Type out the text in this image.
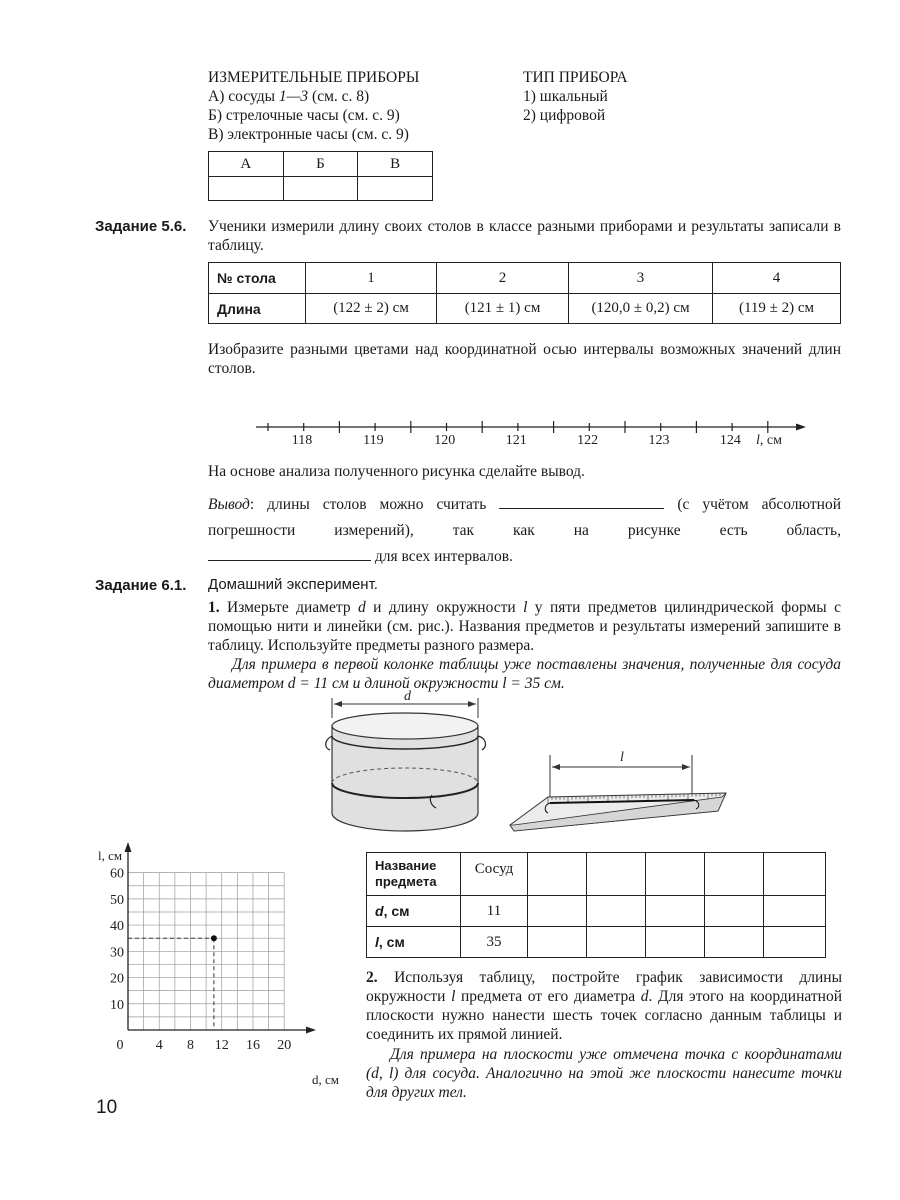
ИЗМЕРИТЕЛЬНЫЕ ПРИБОРЫ
А) сосуды 1—3 (см. с. 8)
Б) стрелочные часы (см. с. 9)
В) электронные часы (см. с. 9)
ТИП ПРИБОРА
1) шкальный
2) цифровой
А	Б	В

Задание 5.6. Ученики измерили длину своих столов в классе разными приборами и результаты записали в таблицу.
№ стола	1	2	3	4
Длина	(122 ± 2) см	(121 ± 1) см	(120,0 ± 0,2) см	(119 ± 2) см
Изобразите разными цветами над координатной осью интервалы возможных значений длин столов.
118	119	120	121	122	123	124 l, см
На основе анализа полученного рисунка сделайте вывод.
Вывод: длины столов можно считать	(с учётом абсолютной погрешности измерений), так как на рисунке есть область,
для всех интервалов.
Задание 6.1. Домашний эксперимент.
1. Измерьте диаметр d и длину окружности l у пяти предметов цилиндрической формы с помощью нити и линейки (см. рис.). Названия предметов и результаты измерений запишите в таблицу. Используйте предметы разного размера.
Для примера в первой колонке таблицы уже поставлены значения, полученные для сосуда диаметром d = 11 см и длиной окружности l = 35 см.
d
l
0 4 8 12 16 20
10
20
30
40
50
60
l, см
d, см
Название предмета	Сосуд					
d, см	11					
l, см	35					
2. Используя таблицу, постройте график зависимости длины окружности l предмета от его диаметра d. Для этого на координатной плоскости нужно нанести шесть точек согласно данным таблицы и соединить их прямой линией.
Для примера на плоскости уже отмечена точка с координатами (d, l) для сосуда. Аналогично на этой же плоскости нанесите точки для других тел.
10
